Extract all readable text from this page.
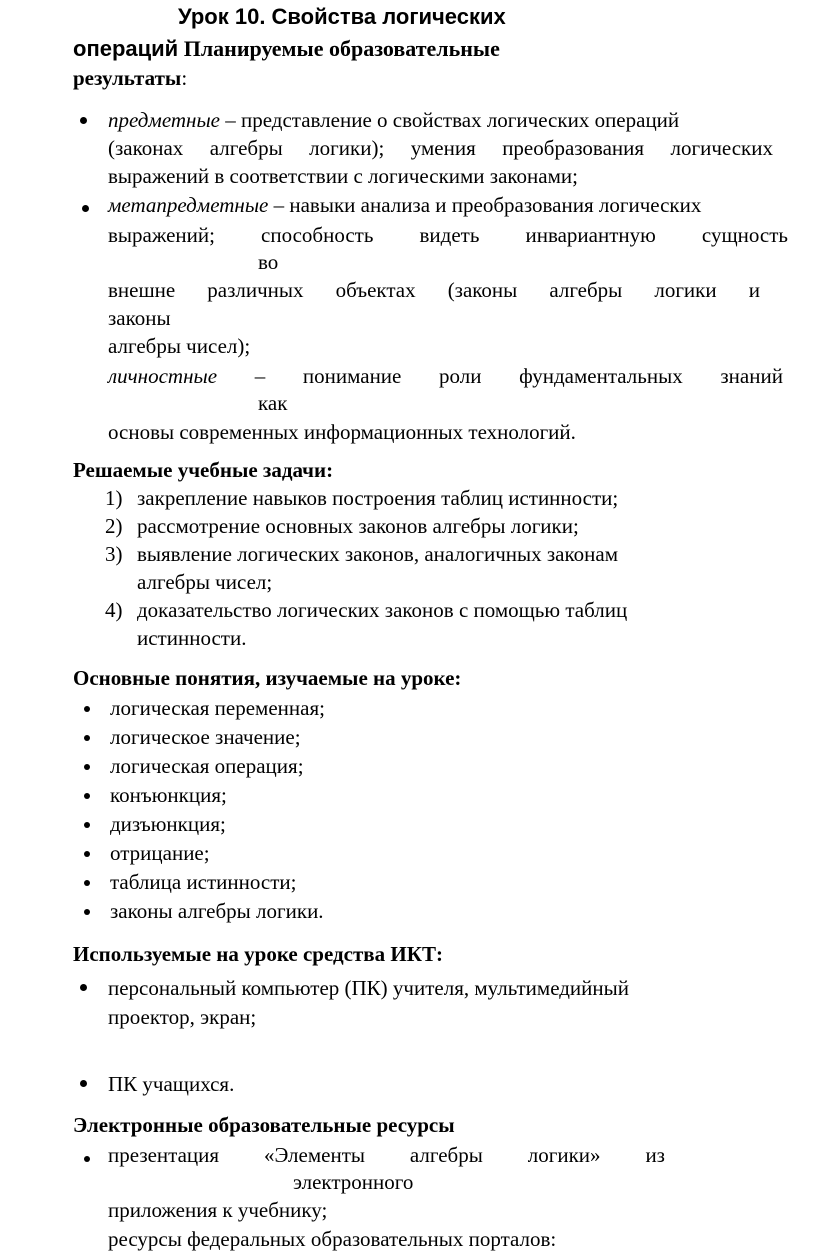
Урок 10. Свойства логических
операций Планируемые образовательные
результаты:
предметные – представление о свойствах логических операций
(законах алгебры логики); умения преобразования логических
выражений в соответствии с логическими законами;
метапредметные – навыки анализа и преобразования логических
выражений; способность видеть инвариантную сущность
во
внешне различных объектах (законы алгебры логики и
законы
алгебры чисел);
личностные – понимание роли фундаментальных знаний
как
основы современных информационных технологий.
Решаемые учебные задачи:
1) закрепление навыков построения таблиц истинности;
2) рассмотрение основных законов алгебры логики;
3) выявление логических законов, аналогичных законам
алгебры чисел;
4) доказательство логических законов с помощью таблиц
истинности.
Основные понятия, изучаемые на уроке:
логическая переменная;
логическое значение;
логическая операция;
конъюнкция;
дизъюнкция;
отрицание;
таблица истинности;
законы алгебры логики.
Используемые на уроке средства ИКТ:
персональный компьютер (ПК) учителя, мультимедийный
проектор, экран;
ПК учащихся.
Электронные образовательные ресурсы
презентация «Элементы алгебры логики» из
электронного
приложения к учебнику;
ресурсы федеральных образовательных порталов:
